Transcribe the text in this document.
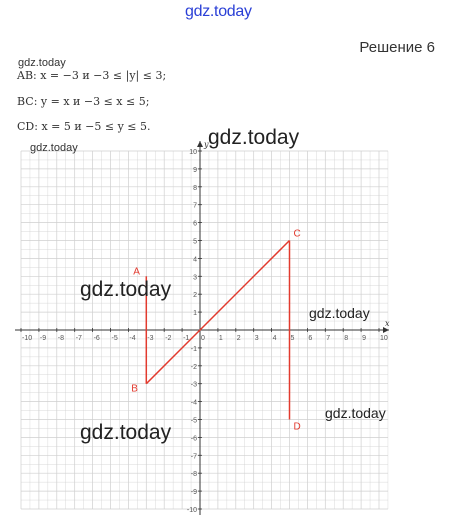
gdz.today
Решение 6
gdz.today
AB: x = −3 и −3 ≤ |y| ≤ 3;
BC: y = x и −3 ≤ x ≤ 5;
CD: x = 5 и −5 ≤ y ≤ 5.
x
y
-10 -9 -8 -7 -6 -5 -4 -3 -2 -1 0 1 2 3 4 5 6 7 8 9 10
10
9
8
7
6
5
4
3
2
1
-1
-2
-3
-4
-5
-6
-7
-8
-9
-10
A
B
C
D
gdz.today	gdz.today
gdz.today
gdz.today
gdz.today
gdz.today
